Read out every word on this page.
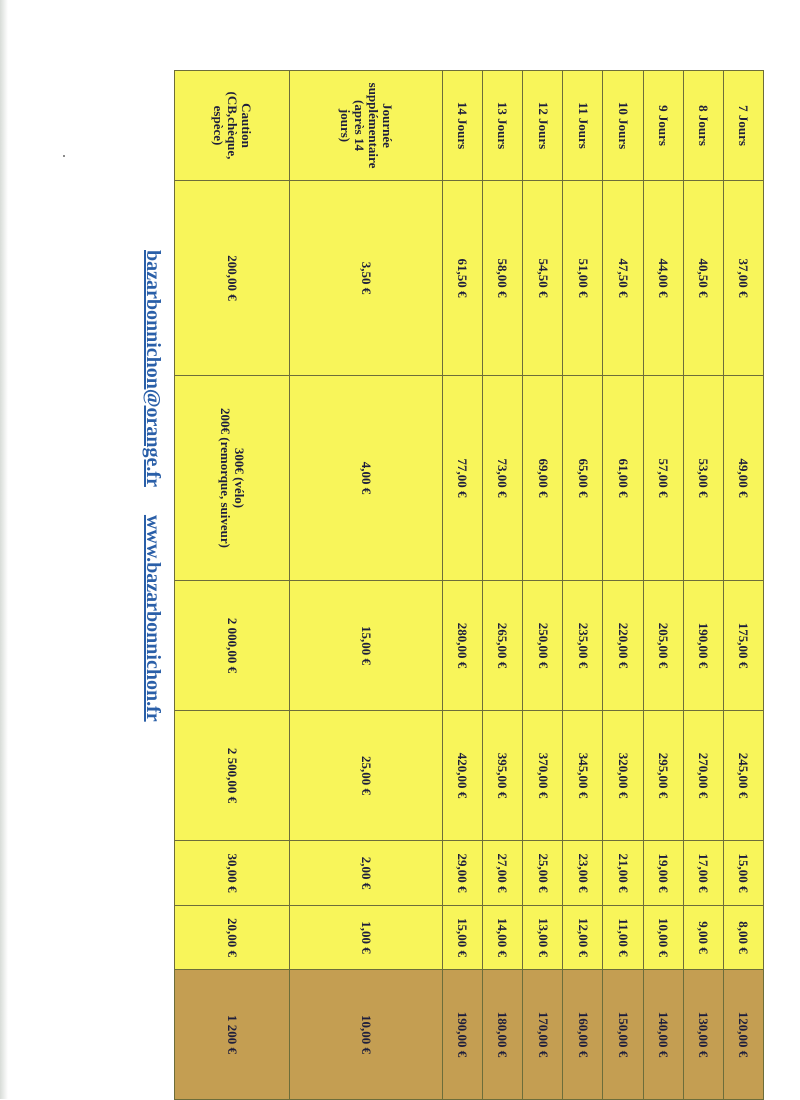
7 Jours	37,00 €	49,00 €	175,00 €	245,00 €	15,00 €	8,00 €	120,00 €
8 Jours	40,50 €	53,00 €	190,00 €	270,00 €	17,00 €	9,00 €	130,00 €
9 Jours	44,00 €	57,00 €	205,00 €	295,00 €	19,00 €	10,00 €	140,00 €
10 Jours	47,50 €	61,00 €	220,00 €	320,00 €	21,00 €	11,00 €	150,00 €
11 Jours	51,00 €	65,00 €	235,00 €	345,00 €	23,00 €	12,00 €	160,00 €
12 Jours	54,50 €	69,00 €	250,00 €	370,00 €	25,00 €	13,00 €	170,00 €
13 Jours	58,00 €	73,00 €	265,00 €	395,00 €	27,00 €	14,00 €	180,00 €
14 Jours	61,50 €	77,00 €	280,00 €	420,00 €	29,00 €	15,00 €	190,00 €
Journée
supplémentaire
(après 14
jours)	3,50 €	4,00 €	15,00 €	25,00 €	2,00 €	1,00 €	10,00 €
Caution
(CB,chèque,
espèce)	200,00 €	300€ (vélo)
200€ (remorque, suiveur)	2 000,00 €	2 500,00 €	30,00 €	20,00 €	1 200 €
bazarbonnichon@orange.fr
www.bazarbonnichon.fr
